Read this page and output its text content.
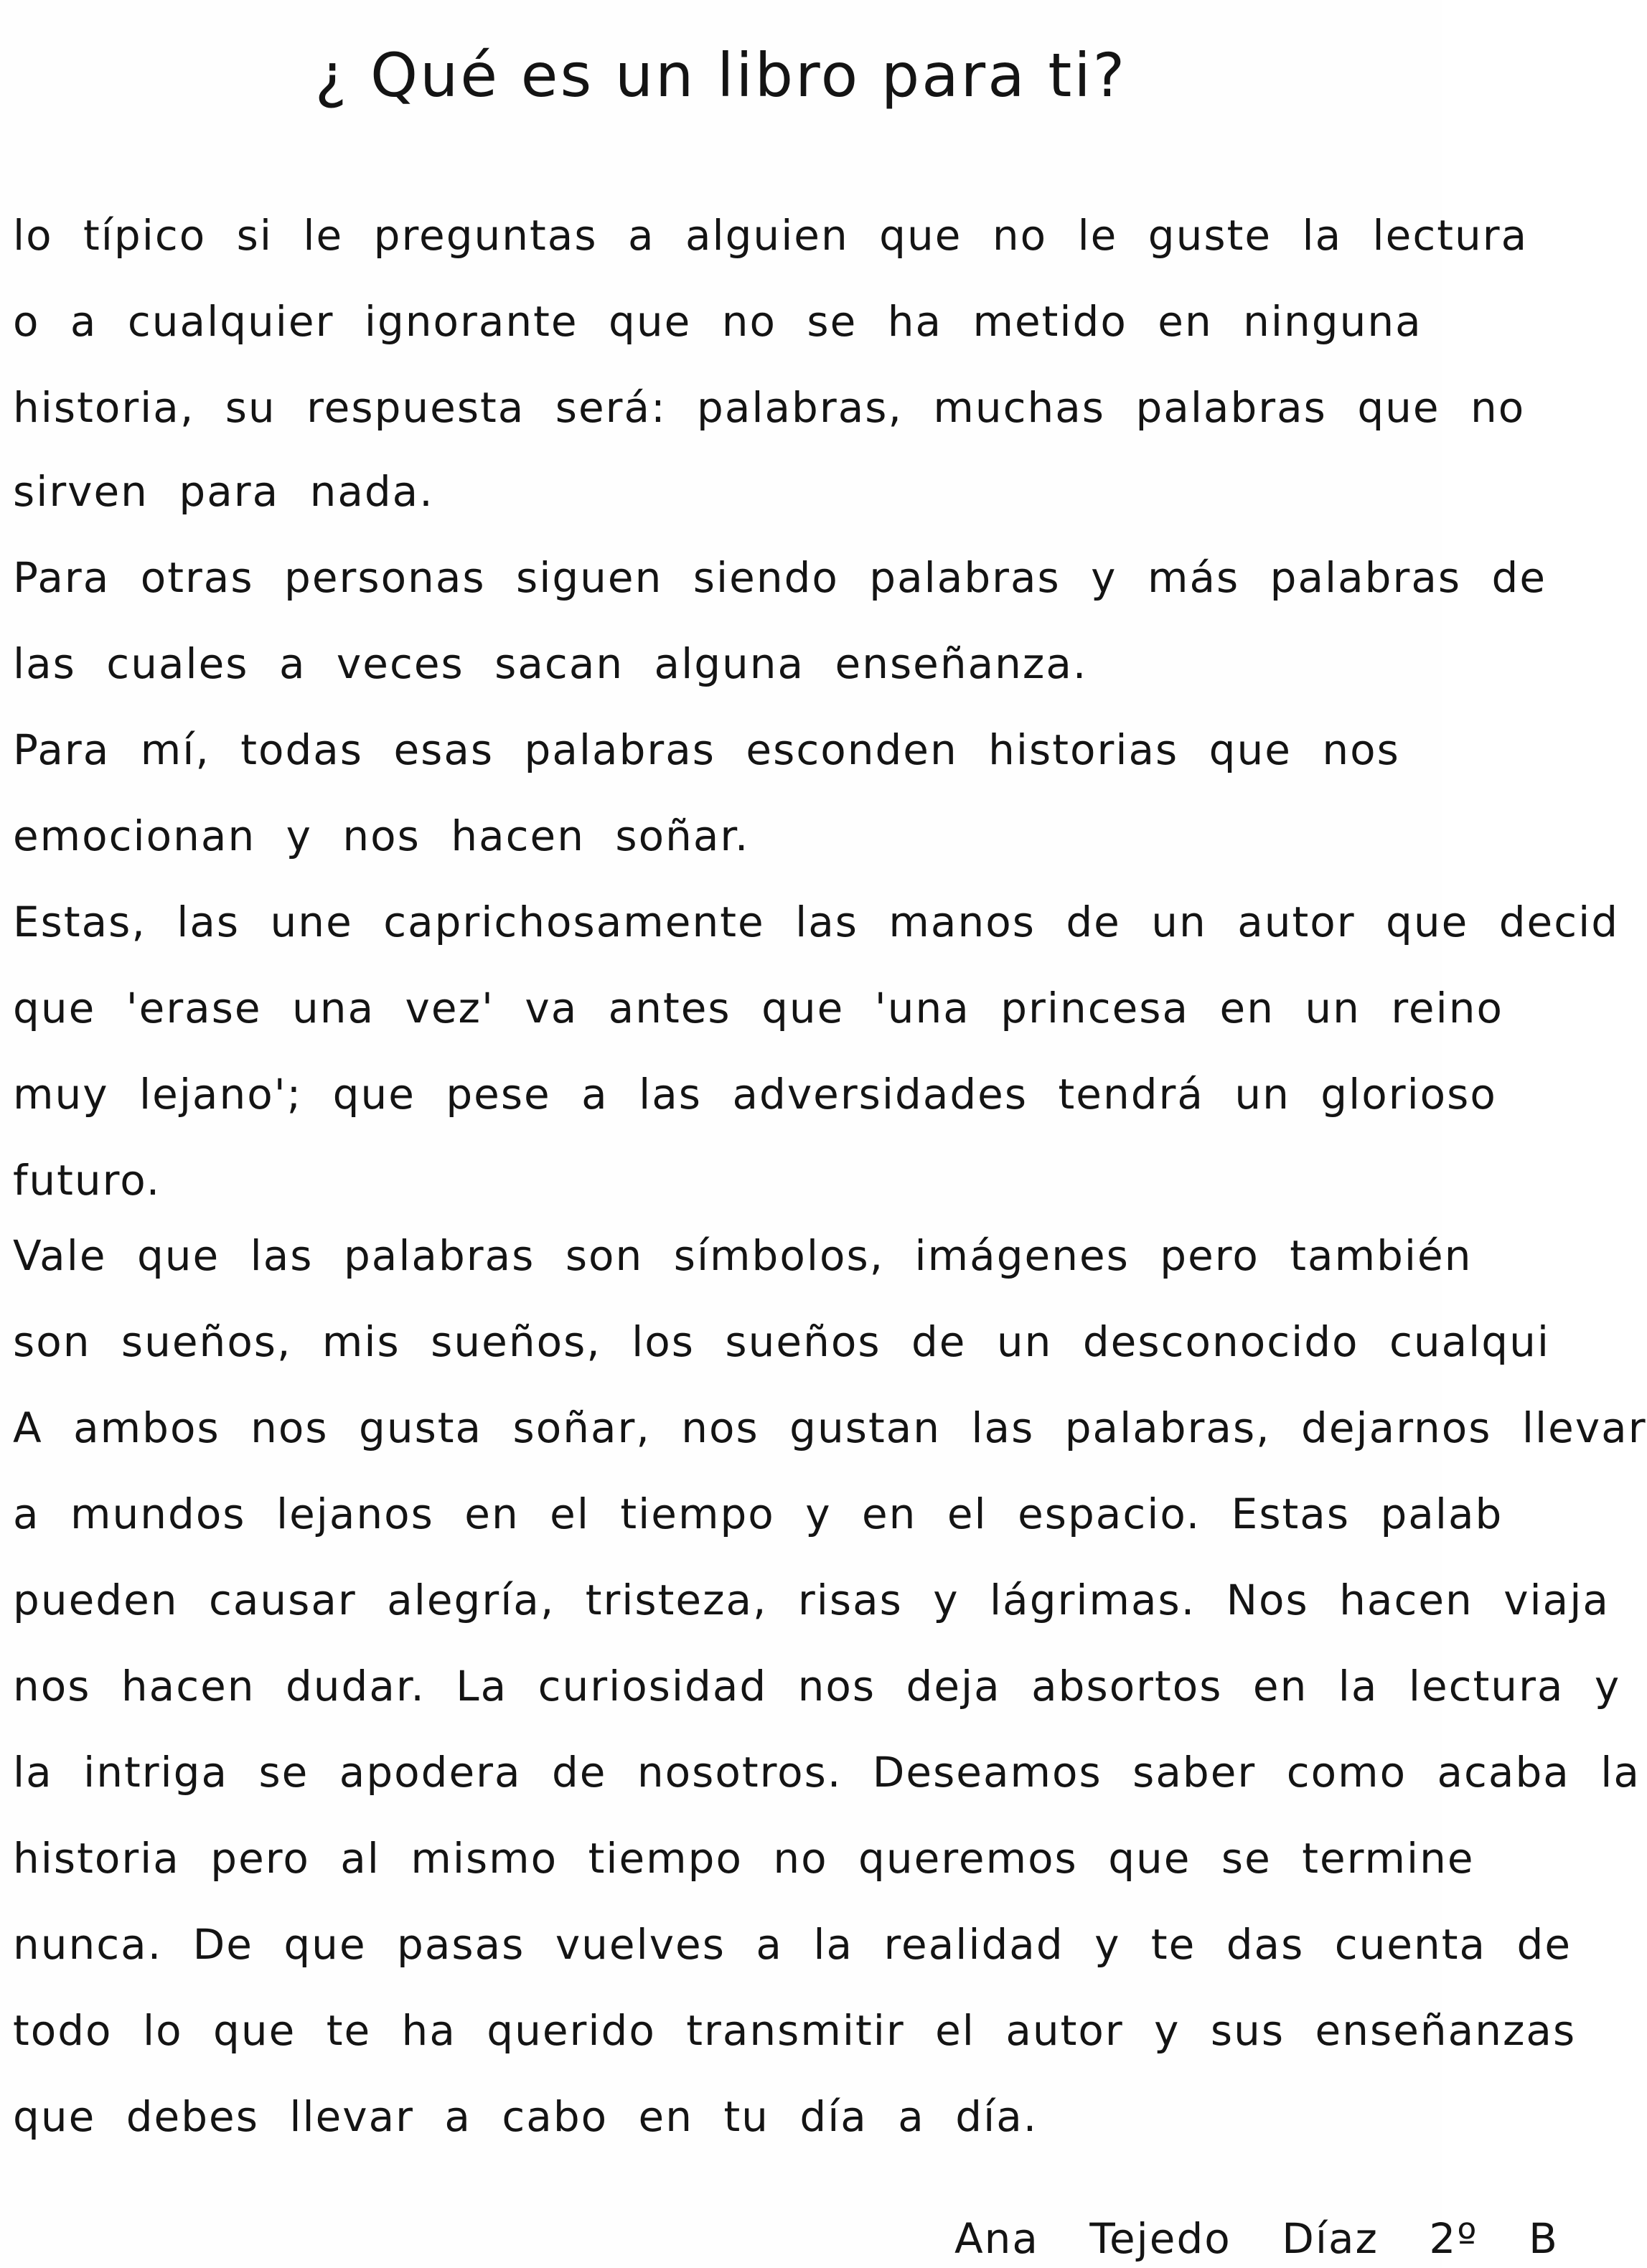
¿ Qué es un libro para ti?
lo típico si le preguntas a alguien que no le guste la lectura
o a cualquier ignorante que no se ha metido en ninguna
historia, su respuesta será: palabras, muchas palabras que no
sirven para nada.
Para otras personas siguen siendo palabras y más palabras de
las cuales a veces sacan alguna enseñanza.
Para mí, todas esas palabras esconden historias que nos
emocionan y nos hacen soñar.
Estas, las une caprichosamente las manos de un autor que decid
que 'erase una vez' va antes que 'una princesa en un reino
muy lejano'; que pese a las adversidades tendrá un glorioso
futuro.
Vale que las palabras son símbolos, imágenes pero también
son sueños, mis sueños, los sueños de un desconocido cualqui
A ambos nos gusta soñar, nos gustan las palabras, dejarnos llevar
a mundos lejanos en el tiempo y en el espacio. Estas palab
pueden causar alegría, tristeza, risas y lágrimas. Nos hacen viaja
nos hacen dudar. La curiosidad nos deja absortos en la lectura y
la intriga se apodera de nosotros. Deseamos saber como acaba la
historia pero al mismo tiempo no queremos que se termine
nunca. De que pasas vuelves a la realidad y te das cuenta de
todo lo que te ha querido transmitir el autor y sus enseñanzas
que debes llevar a cabo en tu día a día.
Ana Tejedo Díaz 2º B
